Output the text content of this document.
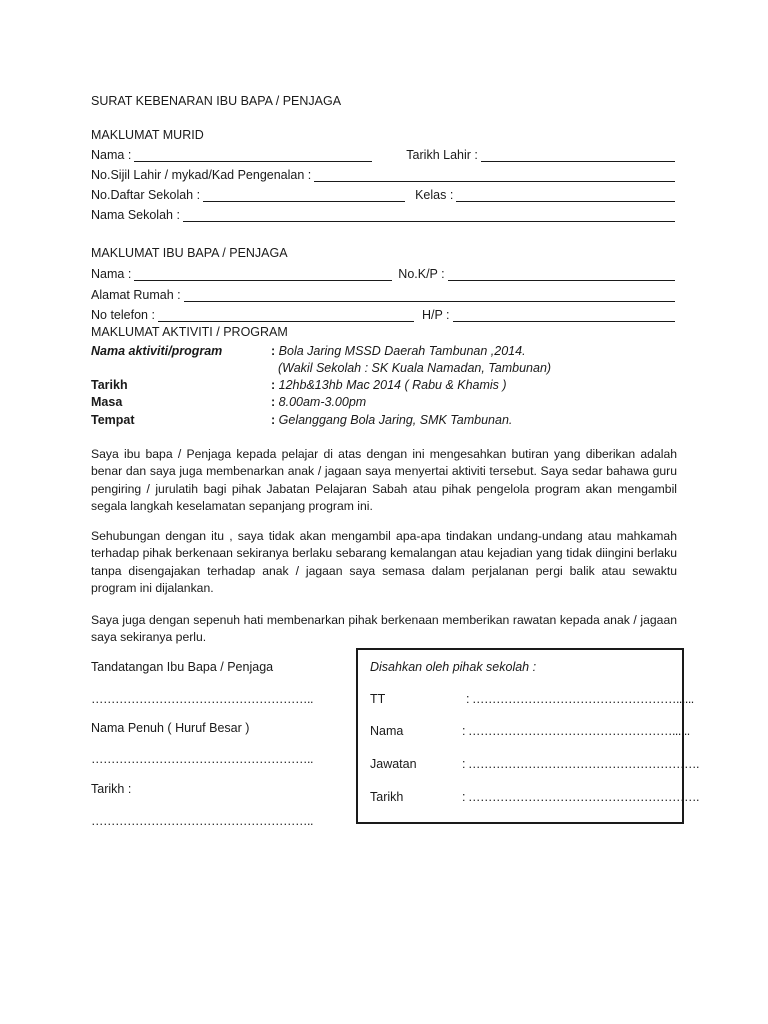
SURAT KEBENARAN IBU BAPA / PENJAGA
MAKLUMAT MURID
Nama :	Tarikh Lahir :
No.Sijil Lahir / mykad/Kad Pengenalan :
No.Daftar Sekolah :	Kelas :
Nama Sekolah :
MAKLUMAT IBU BAPA / PENJAGA
Nama :	No.K/P :
Alamat Rumah :
No telefon :	H/P :
MAKLUMAT AKTIVITI / PROGRAM
Nama aktiviti/program	: Bola Jaring MSSD Daerah Tambunan ,2014.
(Wakil Sekolah : SK Kuala Namadan, Tambunan)
Tarikh	: 12hb&13hb Mac 2014 ( Rabu & Khamis )
Masa	: 8.00am-3.00pm
Tempat	: Gelanggang Bola Jaring, SMK Tambunan.

Saya ibu bapa / Penjaga kepada pelajar di atas dengan ini mengesahkan butiran yang diberikan adalah benar dan saya juga membenarkan anak / jagaan saya menyertai aktiviti tersebut. Saya sedar bahawa guru pengiring / jurulatih bagi pihak Jabatan Pelajaran Sabah atau pihak pengelola program akan mengambil segala langkah keselamatan sepanjang program ini.

Sehubungan dengan itu , saya tidak akan mengambil apa-apa tindakan undang-undang atau mahkamah terhadap pihak berkenaan sekiranya berlaku sebarang kemalangan atau kejadian yang tidak diingini berlaku tanpa disengajakan terhadap anak / jagaan saya semasa dalam perjalanan pergi balik atau sewaktu program ini dijalankan.

Saya juga dengan sepenuh hati membenarkan pihak berkenaan memberikan rawatan kepada anak / jagaan saya sekiranya perlu.

Tandatangan Ibu Bapa / Penjaga
………………………………………………..
Nama Penuh ( Huruf Besar )
………………………………………………..
Tarikh :
………………………………………………..
Disahkan oleh pihak sekolah :
TT	: ……………………………………………......
Nama	: ……………………………………………......
Jawatan	: ………………………………………………….
Tarikh	: ………………………………………………….
